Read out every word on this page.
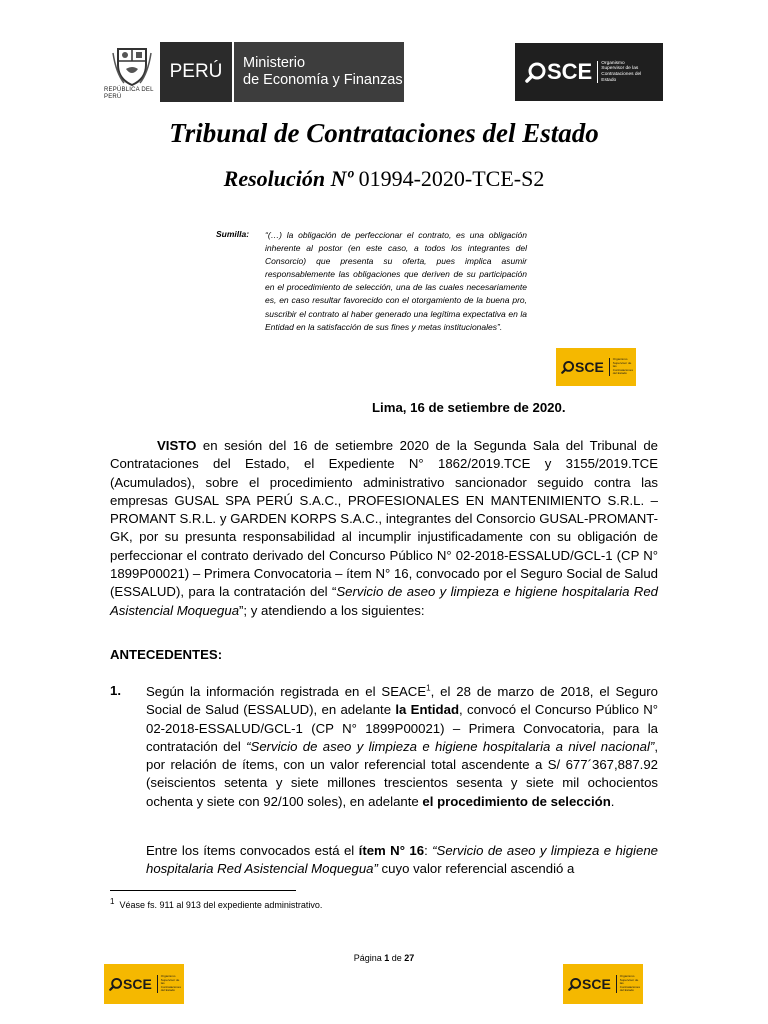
REPÚBLICA DEL PERÚ
PERÚ	Ministerio
de Economía y Finanzas	SCE	Organismo Supervisor de las Contrataciones del Estado
Tribunal de Contrataciones del Estado
Resolución Nº 01994-2020-TCE-S2
Sumilla: “(…) la obligación de perfeccionar el contrato, es una obligación inherente al postor (en este caso, a todos los integrantes del Consorcio) que presenta su oferta, pues implica asumir responsablemente las obligaciones que deriven de su participación en el procedimiento de selección, una de las cuales necesariamente es, en caso resultar favorecido con el otorgamiento de la buena pro, suscribir el contrato al haber generado una legítima expectativa en la Entidad en la satisfacción de sus fines y metas institucionales”.
SCE	Organismo Supervisor de las Contrataciones del Estado
Lima, 16 de setiembre de 2020.
VISTO en sesión del 16 de setiembre 2020 de la Segunda Sala del Tribunal de Contrataciones del Estado, el Expediente N° 1862/2019.TCE y 3155/2019.TCE (Acumulados), sobre el procedimiento administrativo sancionador seguido contra las empresas GUSAL SPA PERÚ S.A.C., PROFESIONALES EN MANTENIMIENTO S.R.L. – PROMANT S.R.L. y GARDEN KORPS S.A.C., integrantes del Consorcio GUSAL-PROMANT-GK, por su presunta responsabilidad al incumplir injustificadamente con su obligación de perfeccionar el contrato derivado del Concurso Público N° 02-2018-ESSALUD/GCL-1 (CP N° 1899P00021) – Primera Convocatoria – ítem N° 16, convocado por el Seguro Social de Salud (ESSALUD), para la contratación del “Servicio de aseo y limpieza e higiene hospitalaria Red Asistencial Moquegua”; y atendiendo a los siguientes:
ANTECEDENTES:
1. Según la información registrada en el SEACE$^1$, el 28 de marzo de 2018, el Seguro Social de Salud (ESSALUD), en adelante la Entidad, convocó el Concurso Público N° 02-2018-ESSALUD/GCL-1 (CP N° 1899P00021) – Primera Convocatoria, para la contratación del “Servicio de aseo y limpieza e higiene hospitalaria a nivel nacional”, por relación de ítems, con un valor referencial total ascendente a S/ 677´367,887.92 (seiscientos setenta y siete millones trescientos sesenta y siete mil ochocientos ochenta y siete con 92/100 soles), en adelante el procedimiento de selección.
Entre los ítems convocados está el ítem N° 16: “Servicio de aseo y limpieza e higiene hospitalaria Red Asistencial Moquegua” cuyo valor referencial ascendió a
$^1$ Véase fs. 911 al 913 del expediente administrativo.
Página 1 de 27
SCE	Organismo Supervisor de las Contrataciones del Estado	SCE	Organismo Supervisor de las Contrataciones del Estado
